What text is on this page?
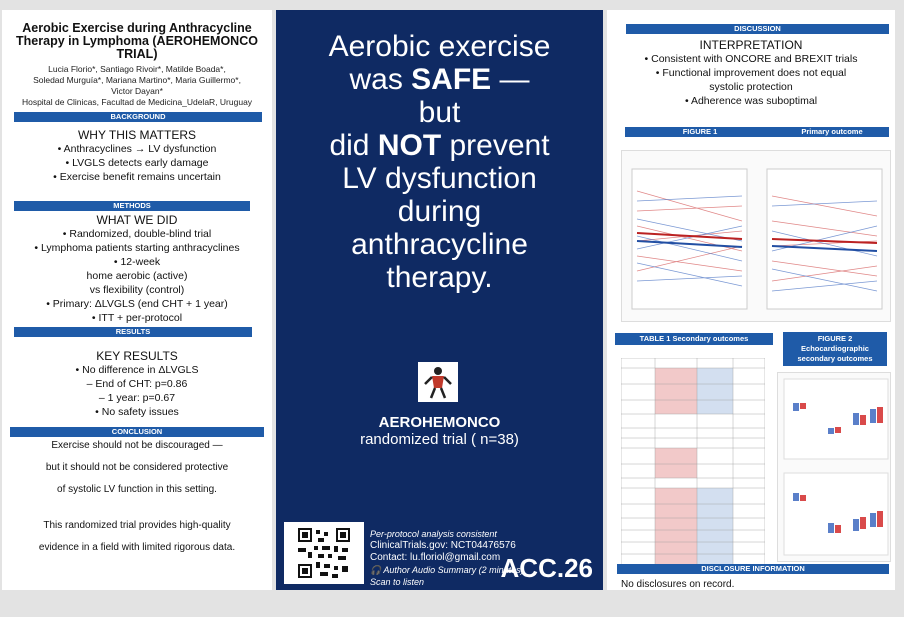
Aerobic Exercise during Anthracycline Therapy in Lymphoma (AEROHEMONCO TRIAL)
Lucia Florio*, Santiago Rivoir*, Matilde Boada*,
Soledad Murguía*, Mariana Martino*, Maria Guillermo*,
Victor Dayan*
Hospital de Clinicas, Facultad de Medicina_UdelaR, Uruguay
BACKGROUND
WHY THIS MATTERS
• Anthracyclines → LV dysfunction
• LVGLS detects early damage
• Exercise benefit remains uncertain
METHODS
WHAT WE DID
• Randomized, double-blind trial
• Lymphoma patients starting anthracyclines
• 12-week
home aerobic (active)
vs flexibility (control)
• Primary: ΔLVGLS (end CHT + 1 year)
• ITT + per-protocol
RESULTS
KEY RESULTS
• No difference in ΔLVGLS
– End of CHT: p=0.86
– 1 year: p=0.67
• No safety issues
CONCLUSION
Exercise should not be discouraged —
but it should not be considered protective
of systolic LV function in this setting.
This randomized trial provides high-quality
evidence in a field with limited rigorous data.
Aerobic exercise
was SAFE —
but
did NOT prevent
LV dysfunction
during
anthracycline
therapy.
AEROHEMONCO
randomized trial ( n=38)
Per-protocol analysis consistent
ClinicalTrials.gov: NCT04476576
Contact: lu.floriol@gmail.com
🎧 Author Audio Summary (2 minutes)
Scan to listen	ACC.26
DISCUSSION
INTERPRETATION
• Consistent with ONCORE and BREXIT trials
• Functional improvement does not equal
systolic protection
• Adherence was suboptimal
FIGURE 1	Primary outcome
TABLE 1 Secondary outcomes	FIGURE 2
Echocardiographic
secondary outcomes
DISCLOSURE INFORMATION
No disclosures on record.
